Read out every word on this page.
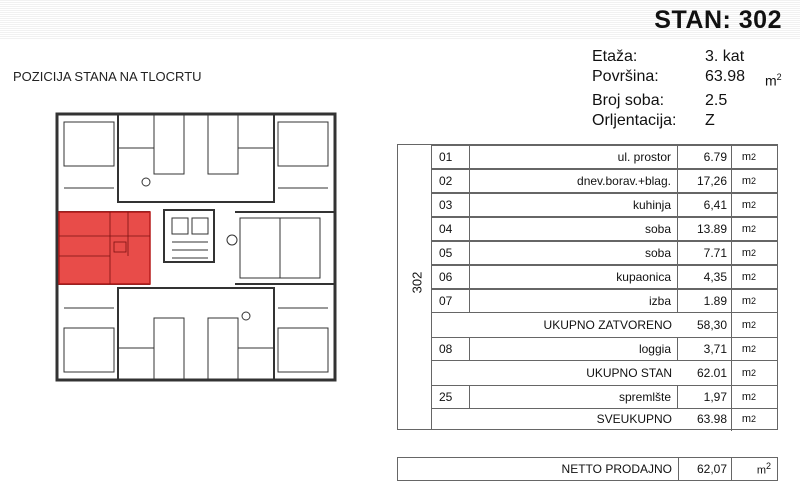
STAN: 302
POZICIJA STANA NA TLOCRTU
Etaža:	3. kat
Površina:	63.98	$m^2$
Broj soba:	2.5
Orljentacija:	Z
302
01	ul. prostor	6.79	m 2
02	dnev.borav.+blag.	17,26	m 2
03	kuhinja	6,41	m 2
04	soba	13.89	m 2
05	soba	7.71	m 2
06	kupaonica	4,35	m 2
07	izba	1.89	m 2
UKUPNO ZATVORENO	58,30	m 2
08	loggia	3,71	m 2
UKUPNO STAN	62.01	m 2
25	spremlšte	1,97	m 2
SVEUKUPNO	63.98	m 2
NETTO PRODAJNO	62,07	$m^2$
